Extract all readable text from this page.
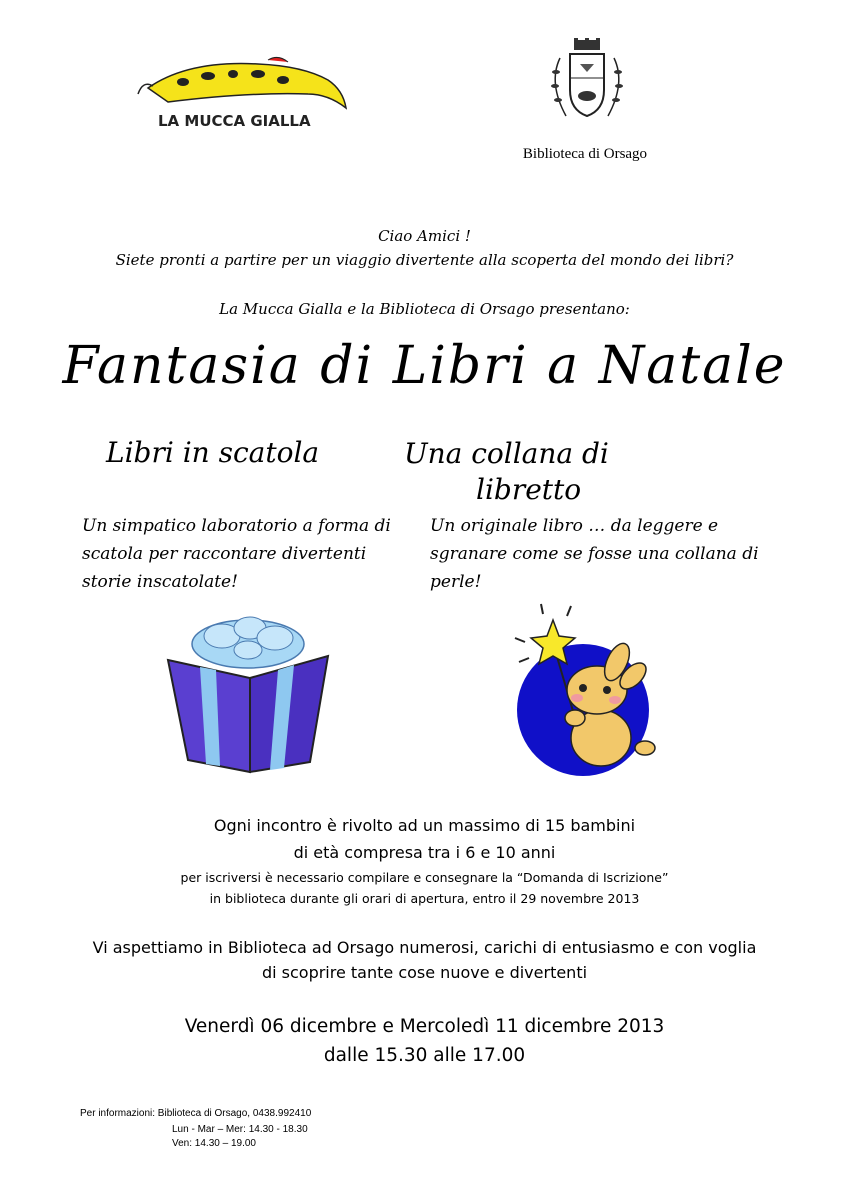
LA MUCCA GIALLA
Biblioteca di Orsago
Ciao Amici !
Siete pronti a partire per un viaggio divertente alla scoperta del mondo dei libri?
La Mucca Gialla e la Biblioteca di Orsago presentano:
Fantasia di Libri a Natale
Libri in scatola	Una collana di
libretto
Un simpatico laboratorio a forma di scatola per raccontare divertenti storie inscatolate!
Un originale libro … da leggere e sgranare come se fosse una collana di perle!
Ogni incontro è rivolto ad un massimo di 15 bambini
di età compresa tra i 6 e 10 anni
per iscriversi è necessario compilare e consegnare la “Domanda di Iscrizione”
in biblioteca durante gli orari di apertura, entro il 29 novembre 2013
Vi aspettiamo in Biblioteca ad Orsago numerosi, carichi di entusiasmo e con voglia
di scoprire tante cose nuove e divertenti
Venerdì 06 dicembre e Mercoledì 11 dicembre 2013
dalle 15.30 alle 17.00
Per informazioni: Biblioteca di Orsago, 0438.992410
Lun - Mar – Mer: 14.30 - 18.30
Ven: 14.30 – 19.00
